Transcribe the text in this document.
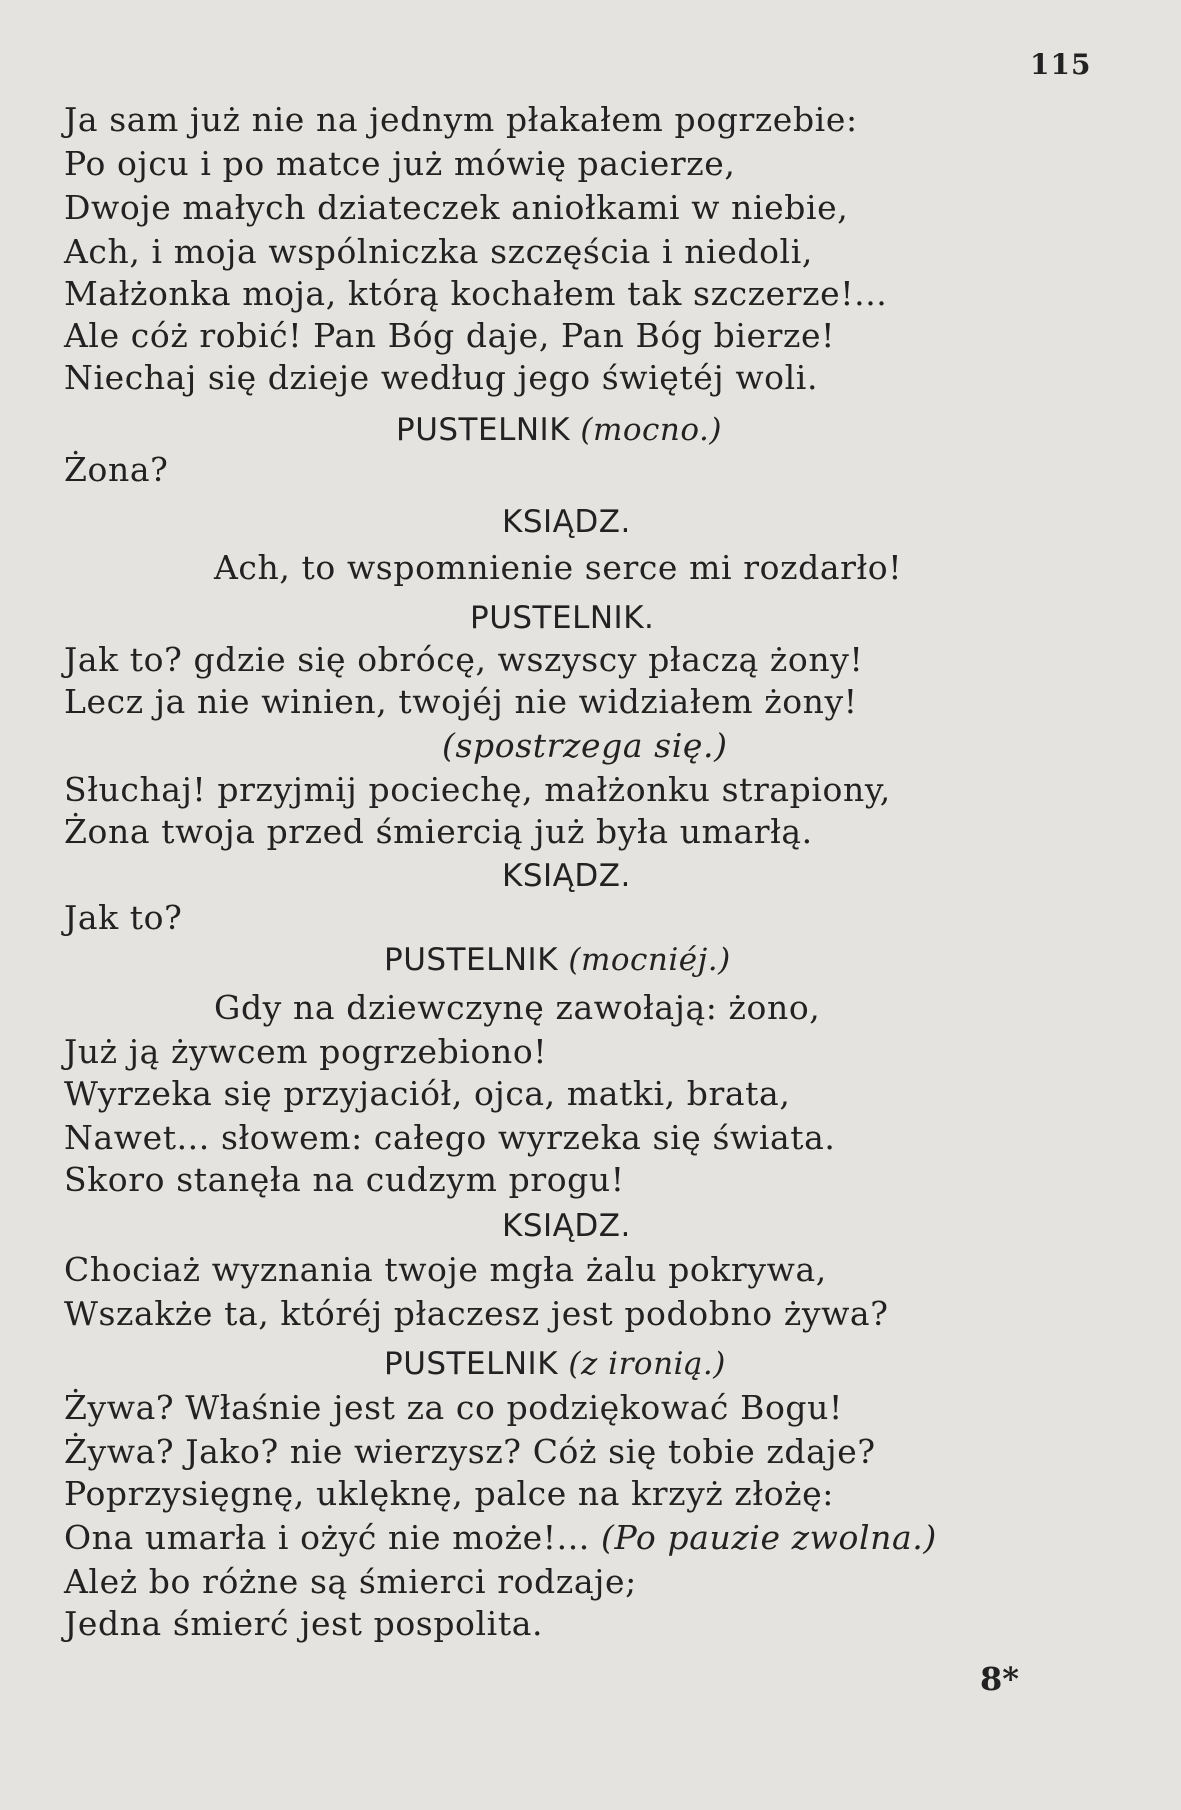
115
Ja sam już nie na jednym płakałem pogrzebie:
Po ojcu i po matce już mówię pacierze,
Dwoje małych dziateczek aniołkami w niebie,
Ach, i moja wspólniczka szczęścia i niedoli,
Małżonka moja, którą kochałem tak szczerze!...
Ale cóż robić! Pan Bóg daje, Pan Bóg bierze!
Niechaj się dzieje według jego świętéj woli.
PUSTELNIK (mocno.)
Żona?
KSIĄDZ.
Ach, to wspomnienie serce mi rozdarło!
PUSTELNIK.
Jak to? gdzie się obrócę, wszyscy płaczą żony!
Lecz ja nie winien, twojéj nie widziałem żony!
(spostrzega się.)
Słuchaj! przyjmij pociechę, małżonku strapiony,
Żona twoja przed śmiercią już była umarłą.
KSIĄDZ.
Jak to?
PUSTELNIK (mocniéj.)
Gdy na dziewczynę zawołają: żono,
Już ją żywcem pogrzebiono!
Wyrzeka się przyjaciół, ojca, matki, brata,
Nawet... słowem: całego wyrzeka się świata.
Skoro stanęła na cudzym progu!
KSIĄDZ.
Chociaż wyznania twoje mgła żalu pokrywa,
Wszakże ta, któréj płaczesz jest podobno żywa?
PUSTELNIK (z ironią.)
Żywa? Właśnie jest za co podziękować Bogu!
Żywa? Jako? nie wierzysz? Cóż się tobie zdaje?
Poprzysięgnę, uklęknę, palce na krzyż złożę:
Ona umarła i ożyć nie może!... (Po pauzie zwolna.)
Ależ bo różne są śmierci rodzaje;
Jedna śmierć jest pospolita.
8*
